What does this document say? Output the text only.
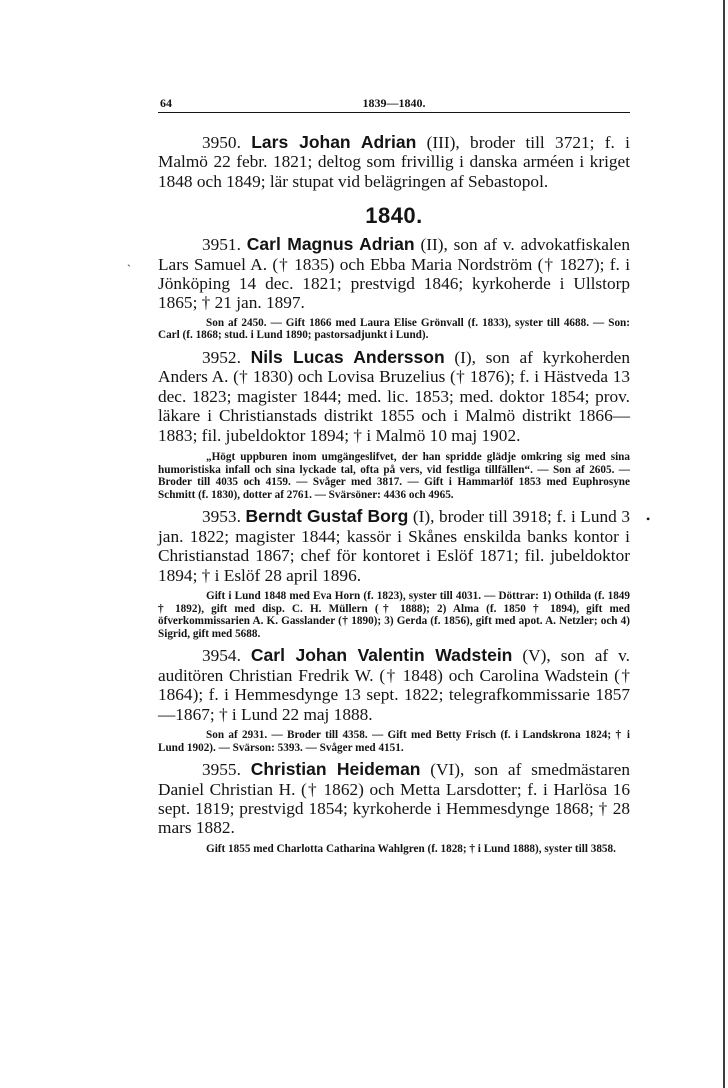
ˎ
•
64	1839—1840.

3950. Lars Johan Adrian (III), broder till 3721; f. i Malmö 22 febr. 1821; deltog som frivillig i danska arméen i kriget 1848 och 1849; lär stupat vid belägringen af Sebastopol.

1840.

3951. Carl Magnus Adrian (II), son af v. advokatfiskalen Lars Samuel A. († 1835) och Ebba Maria Nordström († 1827); f. i Jönköping 14 dec. 1821; prestvigd 1846; kyrkoherde i Ullstorp 1865; † 21 jan. 1897.

Son af 2450. — Gift 1866 med Laura Elise Grönvall (f. 1833), syster till 4688. — Son: Carl (f. 1868; stud. i Lund 1890; pastorsadjunkt i Lund).

3952. Nils Lucas Andersson (I), son af kyrkoherden Anders A. († 1830) och Lovisa Bruzelius († 1876); f. i Hästveda 13 dec. 1823; magister 1844; med. lic. 1853; med. doktor 1854; prov. läkare i Christianstads distrikt 1855 och i Malmö distrikt 1866—1883; fil. jubeldoktor 1894; † i Malmö 10 maj 1902.

„Högt uppburen inom umgängeslifvet, der han spridde glädje omkring sig med sina humoristiska infall och sina lyckade tal, ofta på vers, vid festliga tillfällen“. — Son af 2605. — Broder till 4035 och 4159. — Svåger med 3817. — Gift i Hammarlöf 1853 med Euphrosyne Schmitt (f. 1830), dotter af 2761. — Svärsöner: 4436 och 4965.

3953. Berndt Gustaf Borg (I), broder till 3918; f. i Lund 3 jan. 1822; magister 1844; kassör i Skånes enskilda banks kontor i Christianstad 1867; chef för kontoret i Eslöf 1871; fil. jubeldoktor 1894; † i Eslöf 28 april 1896.

Gift i Lund 1848 med Eva Horn (f. 1823), syster till 4031. — Döttrar: 1) Othilda (f. 1849 † 1892), gift med disp. C. H. Müllern († 1888); 2) Alma (f. 1850 † 1894), gift med öfverkommissarien A. K. Gasslander († 1890); 3) Gerda (f. 1856), gift med apot. A. Netzler; och 4) Sigrid, gift med 5688.

3954. Carl Johan Valentin Wadstein (V), son af v. auditören Christian Fredrik W. († 1848) och Carolina Wadstein († 1864); f. i Hemmesdynge 13 sept. 1822; telegrafkommissarie 1857—1867; † i Lund 22 maj 1888.

Son af 2931. — Broder till 4358. — Gift med Betty Frisch (f. i Landskrona 1824; † i Lund 1902). — Svärson: 5393. — Svåger med 4151.

3955. Christian Heideman (VI), son af smedmästaren Daniel Christian H. († 1862) och Metta Larsdotter; f. i Harlösa 16 sept. 1819; prestvigd 1854; kyrkoherde i Hemmesdynge 1868; † 28 mars 1882.

Gift 1855 med Charlotta Catharina Wahlgren (f. 1828; † i Lund 1888), syster till 3858.
